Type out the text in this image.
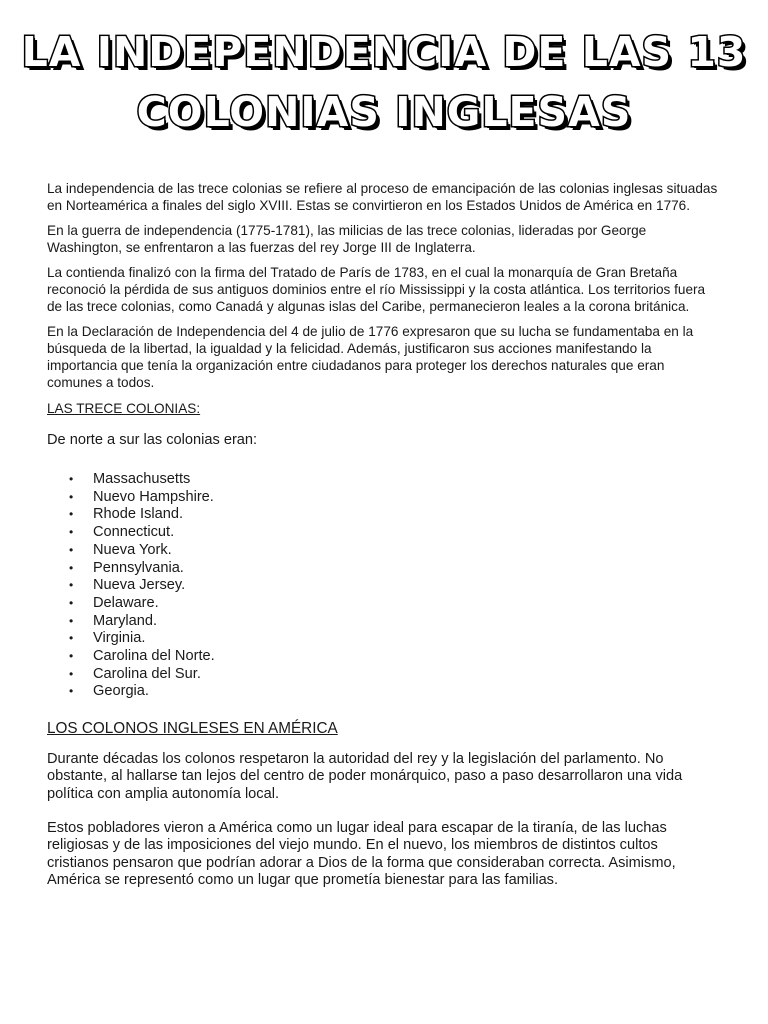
LA INDEPENDENCIA DE LAS 13
COLONIAS INGLESAS

La independencia de las trece colonias se refiere al proceso de emancipación de las colonias inglesas situadas en Norteamérica a finales del siglo XVIII. Estas se convirtieron en los Estados Unidos de América en 1776.

En la guerra de independencia (1775-1781), las milicias de las trece colonias, lideradas por George Washington, se enfrentaron a las fuerzas del rey Jorge III de Inglaterra.

La contienda finalizó con la firma del Tratado de París de 1783, en el cual la monarquía de Gran Bretaña reconoció la pérdida de sus antiguos dominios entre el río Mississippi y la costa atlántica. Los territorios fuera de las trece colonias, como Canadá y algunas islas del Caribe, permanecieron leales a la corona británica.

En la Declaración de Independencia del 4 de julio de 1776 expresaron que su lucha se fundamentaba en la búsqueda de la libertad, la igualdad y la felicidad. Además, justificaron sus acciones manifestando la importancia que tenía la organización entre ciudadanos para proteger los derechos naturales que eran comunes a todos.

LAS TRECE COLONIAS:

De norte a sur las colonias eran:

• Massachusetts
• Nuevo Hampshire.
• Rhode Island.
• Connecticut.
• Nueva York.
• Pennsylvania.
• Nueva Jersey.
• Delaware.
• Maryland.
• Virginia.
• Carolina del Norte.
• Carolina del Sur.
• Georgia.

LOS COLONOS INGLESES EN AMÉRICA

Durante décadas los colonos respetaron la autoridad del rey y la legislación del parlamento. No obstante, al hallarse tan lejos del centro de poder monárquico, paso a paso desarrollaron una vida política con amplia autonomía local.

Estos pobladores vieron a América como un lugar ideal para escapar de la tiranía, de las luchas religiosas y de las imposiciones del viejo mundo. En el nuevo, los miembros de distintos cultos cristianos pensaron que podrían adorar a Dios de la forma que consideraban correcta. Asimismo, América se representó como un lugar que prometía bienestar para las familias.
